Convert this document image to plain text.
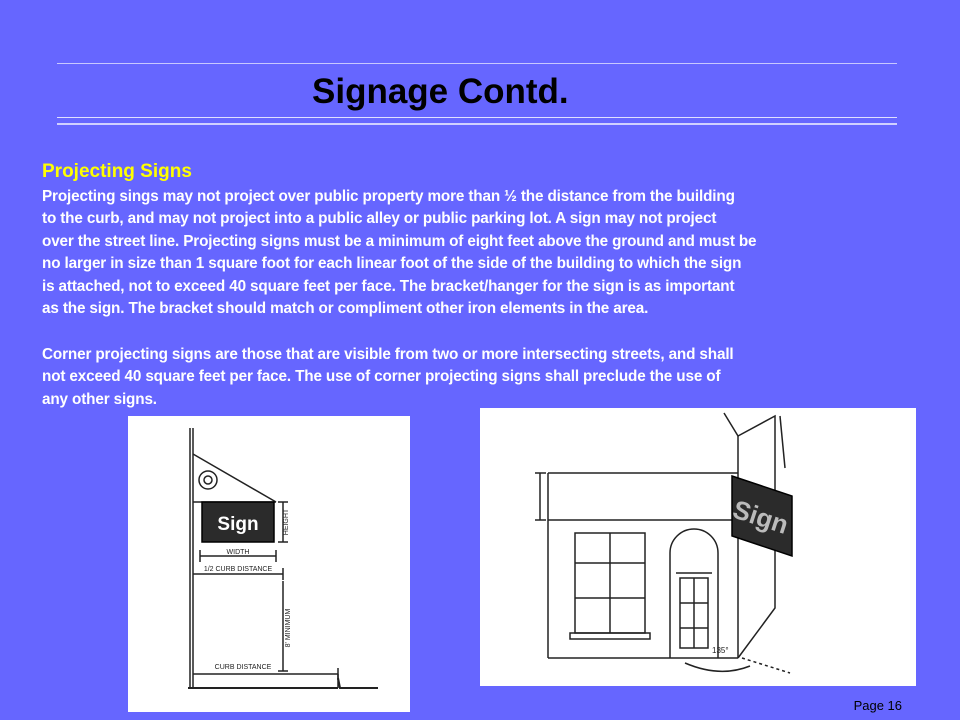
Signage Contd.
Projecting Signs

Projecting sings may not project over public property more than ½ the distance from the building
to the curb, and may not project into a public alley or public parking lot. A sign may not project
over the street line. Projecting signs must be a minimum of eight feet above the ground and must be
no larger in size than 1 square foot for each linear foot of the side of the building to which the sign
is attached, not to exceed 40 square feet per face. The bracket/hanger for the sign is as important
as the sign. The bracket should match or compliment other iron elements in the area.

Corner projecting signs are those that are visible from two or more intersecting streets, and shall
not exceed 40 square feet per face. The use of corner projecting signs shall preclude the use of
any other signs.

Sign	HEIGHT
WIDTH
1/2 CURB DISTANCE
8' MINIMUM
CURB DISTANCE
Sign
135°
Page 16
